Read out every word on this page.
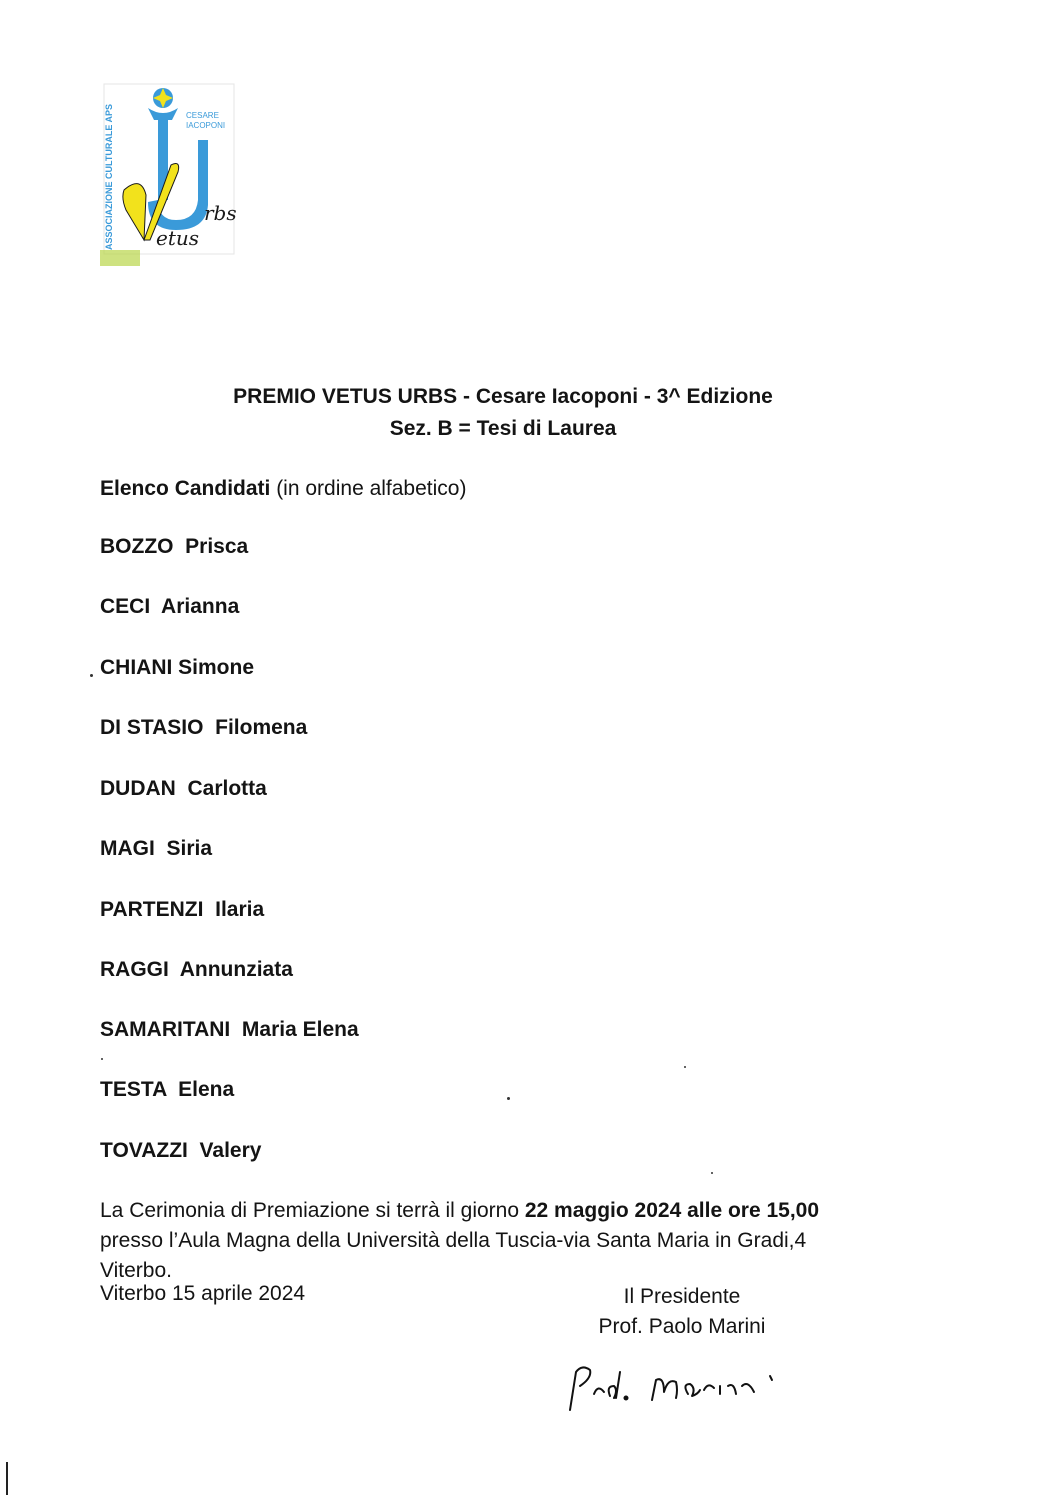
ASSOCIAZIONE CULTURALE APS	CESARE
IACOPONI
rbs
etus
PREMIO VETUS URBS - Cesare Iacoponi - 3^ Edizione
Sez. B = Tesi di Laurea
Elenco Candidati (in ordine alfabetico)
BOZZO  Prisca
CECI  Arianna
CHIANI Simone
DI STASIO  Filomena
DUDAN  Carlotta
MAGI  Siria
PARTENZI  Ilaria
RAGGI  Annunziata
SAMARITANI  Maria Elena
TESTA  Elena
TOVAZZI  Valery
La Cerimonia di Premiazione si terrà il giorno 22 maggio 2024 alle ore 15,00
presso l’Aula Magna della Università della Tuscia-via Santa Maria in Gradi,4
Viterbo.
Viterbo 15 aprile 2024	Il Presidente
Prof. Paolo Marini
